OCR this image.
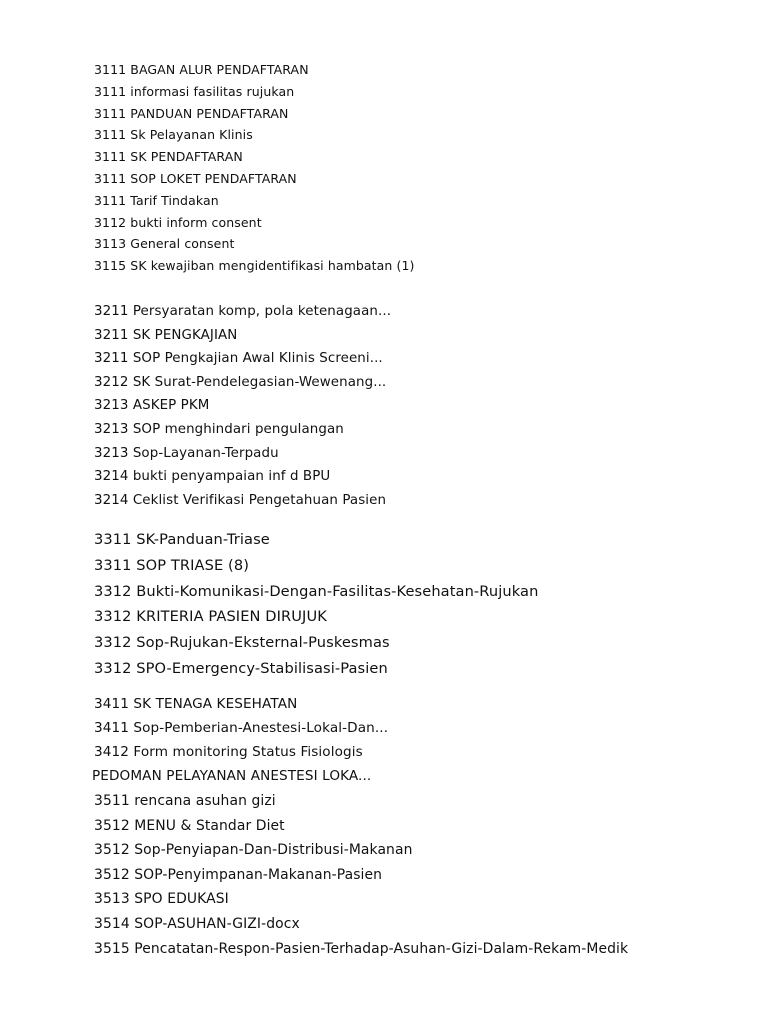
3111 BAGAN ALUR PENDAFTARAN
3111 informasi fasilitas rujukan
3111 PANDUAN PENDAFTARAN
3111 Sk Pelayanan Klinis
3111 SK PENDAFTARAN
3111 SOP LOKET PENDAFTARAN
3111 Tarif Tindakan
3112 bukti inform consent
3113 General consent
3115 SK kewajiban mengidentifikasi hambatan (1)
3211 Persyaratan komp, pola ketenagaan...
3211 SK PENGKAJIAN
3211 SOP Pengkajian Awal Klinis Screeni...
3212 SK Surat-Pendelegasian-Wewenang...
3213 ASKEP PKM
3213 SOP menghindari pengulangan
3213 Sop-Layanan-Terpadu
3214 bukti penyampaian inf d BPU
3214 Ceklist Verifikasi Pengetahuan Pasien
3311 SK-Panduan-Triase
3311 SOP TRIASE (8)
3312 Bukti-Komunikasi-Dengan-Fasilitas-Kesehatan-Rujukan
3312 KRITERIA PASIEN DIRUJUK
3312 Sop-Rujukan-Eksternal-Puskesmas
3312 SPO-Emergency-Stabilisasi-Pasien
3411 SK TENAGA KESEHATAN
3411 Sop-Pemberian-Anestesi-Lokal-Dan...
3412 Form monitoring Status Fisiologis
PEDOMAN PELAYANAN ANESTESI LOKA...
3511 rencana asuhan gizi
3512 MENU & Standar Diet
3512 Sop-Penyiapan-Dan-Distribusi-Makanan
3512 SOP-Penyimpanan-Makanan-Pasien
3513 SPO EDUKASI
3514 SOP-ASUHAN-GIZI-docx
3515 Pencatatan-Respon-Pasien-Terhadap-Asuhan-Gizi-Dalam-Rekam-Medik
